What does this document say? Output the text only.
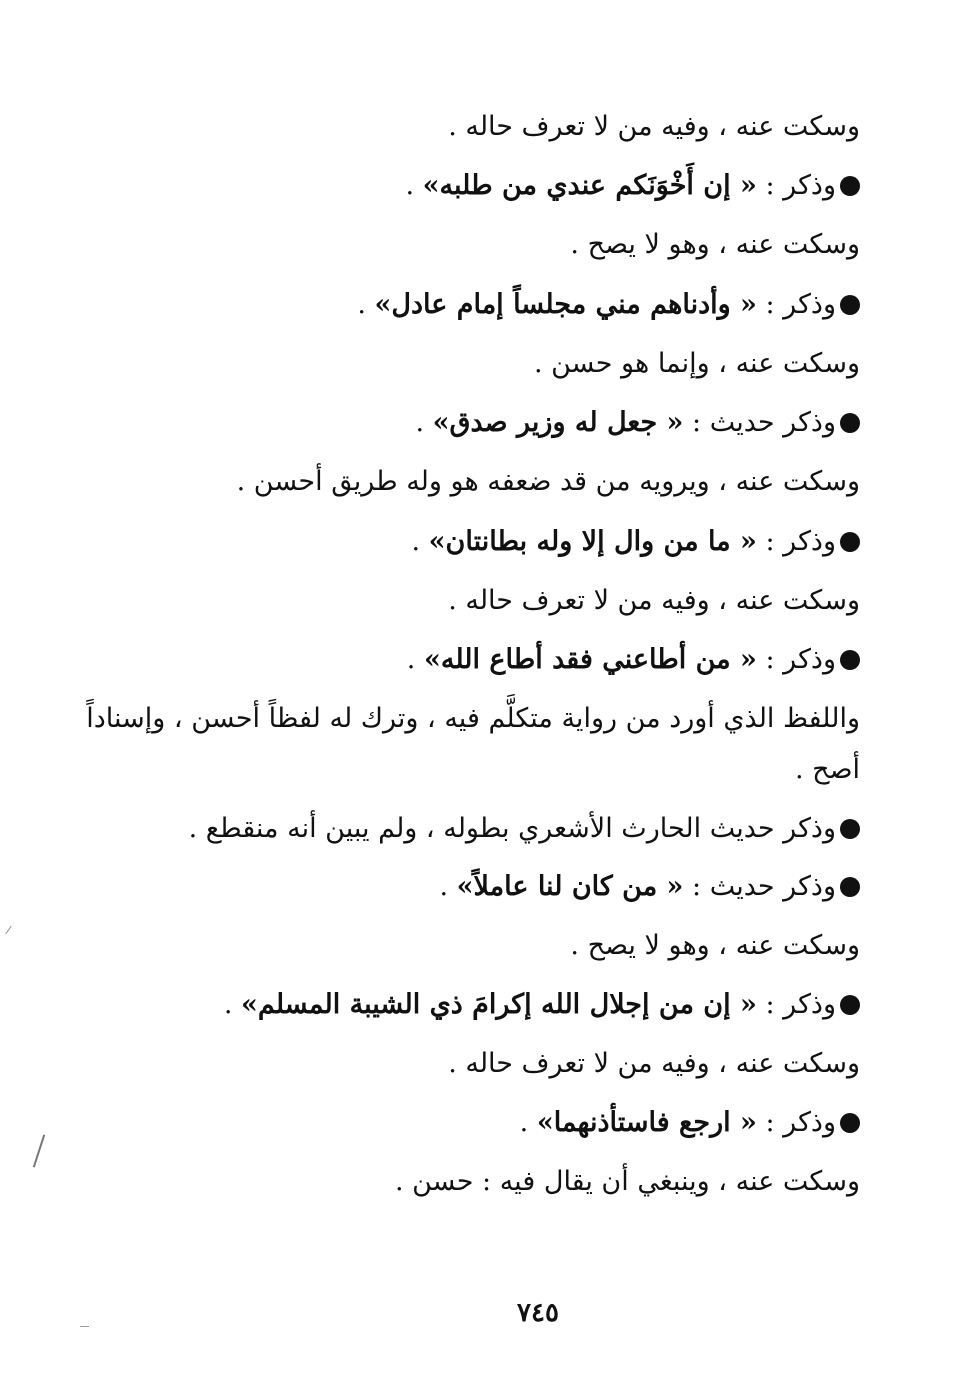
وسكت عنه ، وفيه من لا تعرف حاله .
وذكر : « إن أَخْوَنَكم عندي من طلبه» .
وسكت عنه ، وهو لا يصح .
وذكر : « وأدناهم مني مجلساً إمام عادل» .
وسكت عنه ، وإنما هو حسن .
وذكر حديث : « جعل له وزير صدق» .
وسكت عنه ، ويرويه من قد ضعفه هو وله طريق أحسن .
وذكر : « ما من وال إلا وله بطانتان» .
وسكت عنه ، وفيه من لا تعرف حاله .
وذكر : « من أطاعني فقد أطاع الله» .
واللفظ الذي أورد من رواية متكلَّم فيه ، وترك له لفظاً أحسن ، وإسناداً
أصح .
وذكر حديث الحارث الأشعري بطوله ، ولم يبين أنه منقطع .
وذكر حديث : « من كان لنا عاملاً» .
وسكت عنه ، وهو لا يصح .
وذكر : « إن من إجلال الله إكرامَ ذي الشيبة المسلم» .
وسكت عنه ، وفيه من لا تعرف حاله .
وذكر : « ارجع فاستأذنهما» .
وسكت عنه ، وينبغي أن يقال فيه : حسن .
٧٤٥
